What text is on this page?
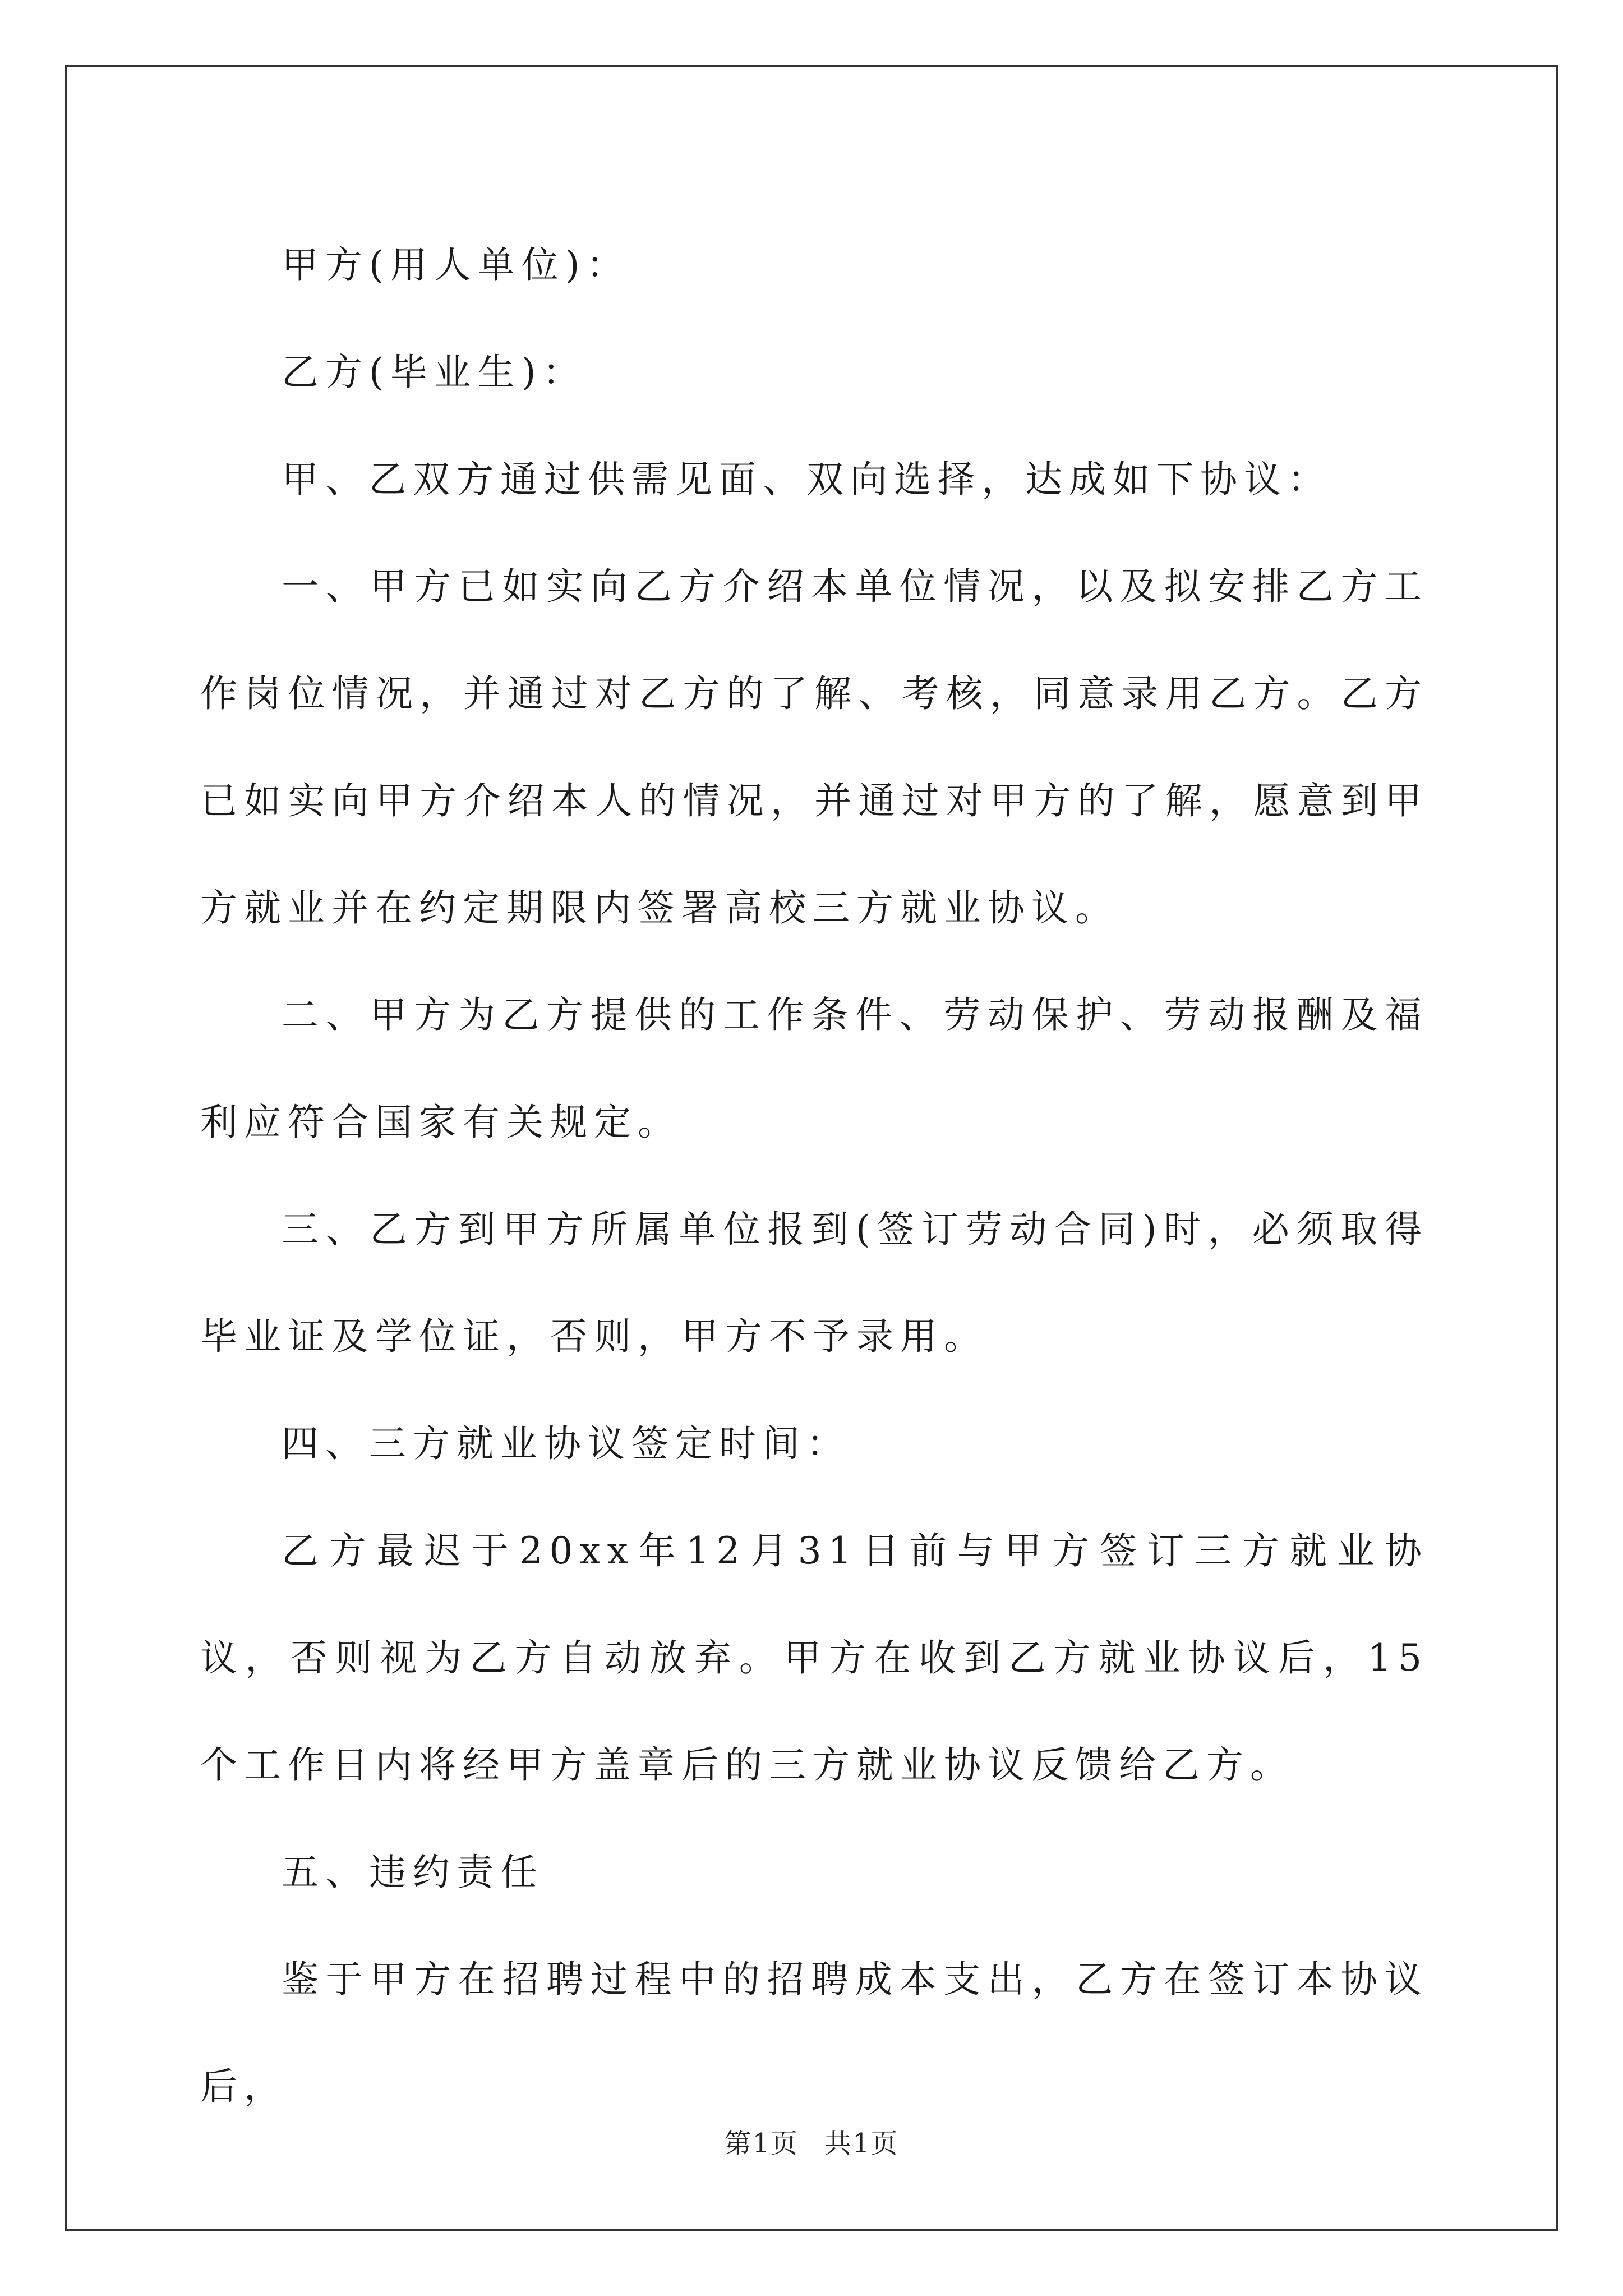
甲方(用人单位)：

乙方(毕业生)：

甲、乙双方通过供需见面、双向选择，达成如下协议：

一、甲方已如实向乙方介绍本单位情况，以及拟安排乙方工作岗位情况，并通过对乙方的了解、考核，同意录用乙方。乙方已如实向甲方介绍本人的情况，并通过对甲方的了解，愿意到甲方就业并在约定期限内签署高校三方就业协议。

二、甲方为乙方提供的工作条件、劳动保护、劳动报酬及福利应符合国家有关规定。

三、乙方到甲方所属单位报到(签订劳动合同)时，必须取得毕业证及学位证，否则，甲方不予录用。

四、三方就业协议签定时间：

乙方最迟于20xx年12月31日前与甲方签订三方就业协议，否则视为乙方自动放弃。甲方在收到乙方就业协议后，15个工作日内将经甲方盖章后的三方就业协议反馈给乙方。

五、违约责任

鉴于甲方在招聘过程中的招聘成本支出，乙方在签订本协议后，

第1页 共1页
